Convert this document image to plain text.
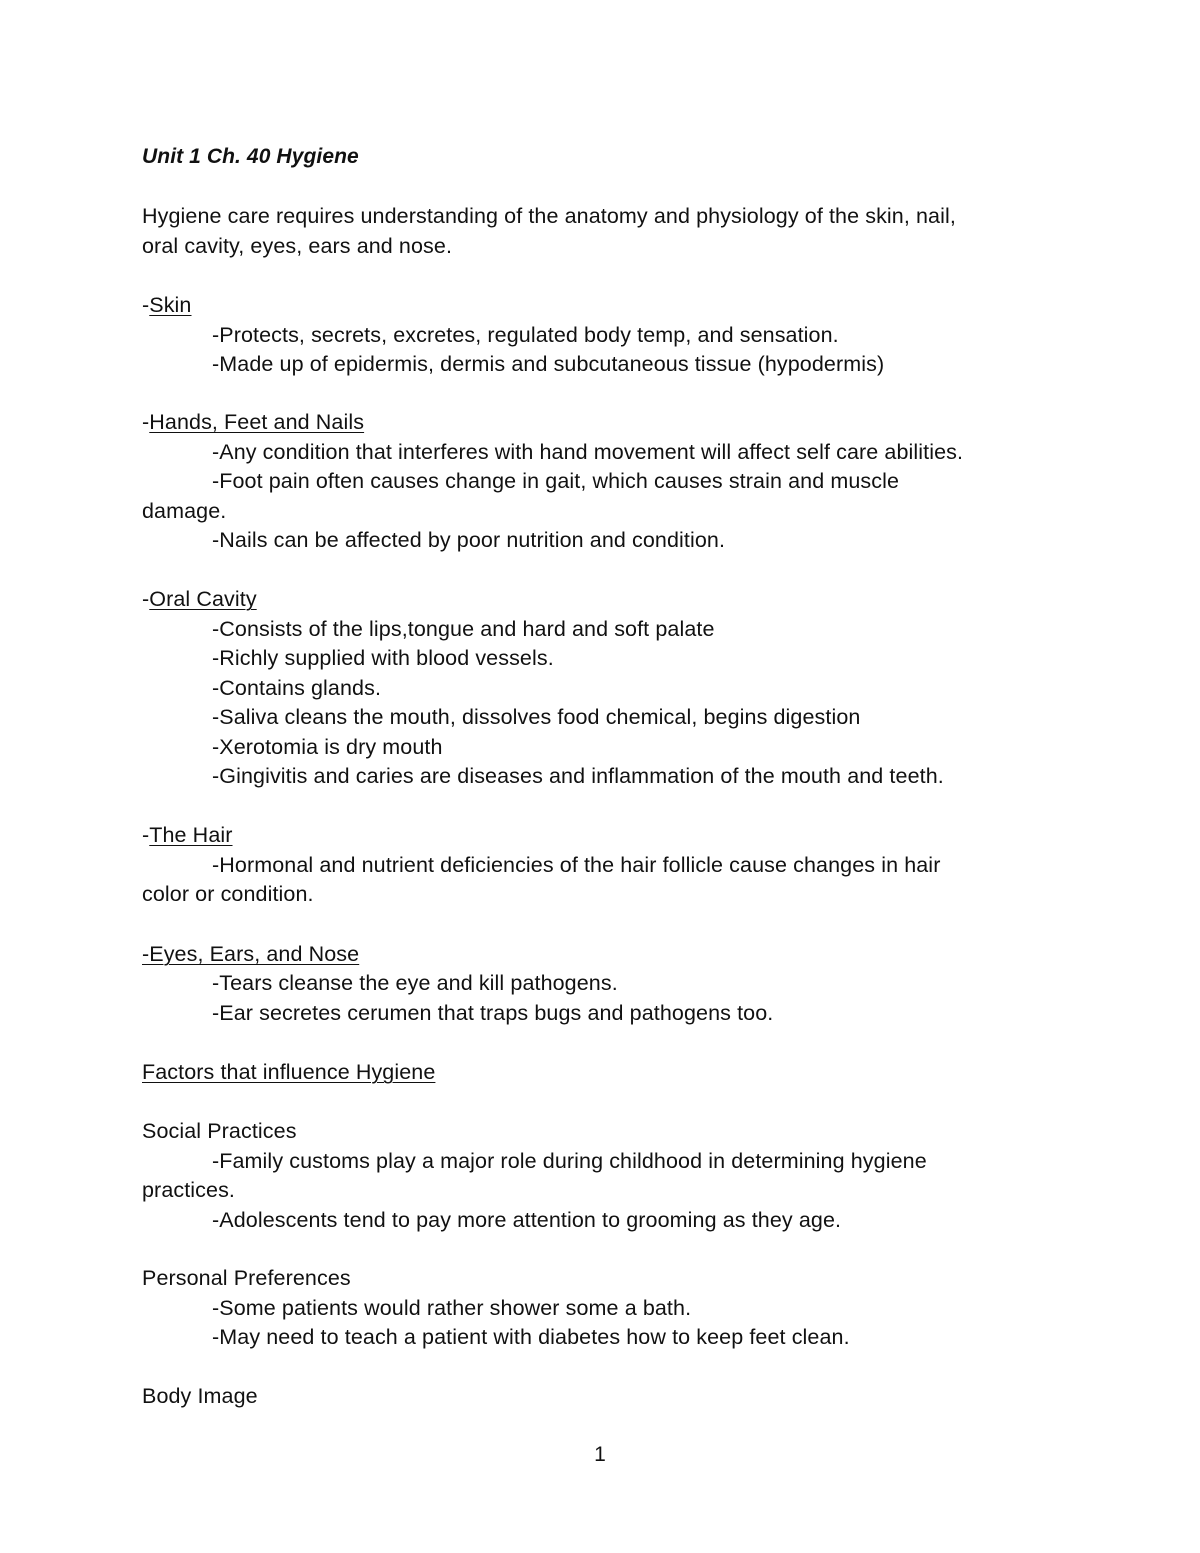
Unit 1 Ch. 40 Hygiene
Hygiene care requires understanding of the anatomy and physiology of the skin, nail,
oral cavity, eyes, ears and nose.
-Skin
-Protects, secrets, excretes, regulated body temp, and sensation.
-Made up of epidermis, dermis and subcutaneous tissue (hypodermis)
-Hands, Feet and Nails
-Any condition that interferes with hand movement will affect self care abilities.
-Foot pain often causes change in gait, which causes strain and muscle
damage.
-Nails can be affected by poor nutrition and condition.
-Oral Cavity
-Consists of the lips,tongue and hard and soft palate
-Richly supplied with blood vessels.
-Contains glands.
-Saliva cleans the mouth, dissolves food chemical, begins digestion
-Xerotomia is dry mouth
-Gingivitis and caries are diseases and inflammation of the mouth and teeth.
-The Hair
-Hormonal and nutrient deficiencies of the hair follicle cause changes in hair
color or condition.
-Eyes, Ears, and Nose
-Tears cleanse the eye and kill pathogens.
-Ear secretes cerumen that traps bugs and pathogens too.
Factors that influence Hygiene
Social Practices
-Family customs play a major role during childhood in determining hygiene
practices.
-Adolescents tend to pay more attention to grooming as they age.
Personal Preferences
-Some patients would rather shower some a bath.
-May need to teach a patient with diabetes how to keep feet clean.
Body Image
1
